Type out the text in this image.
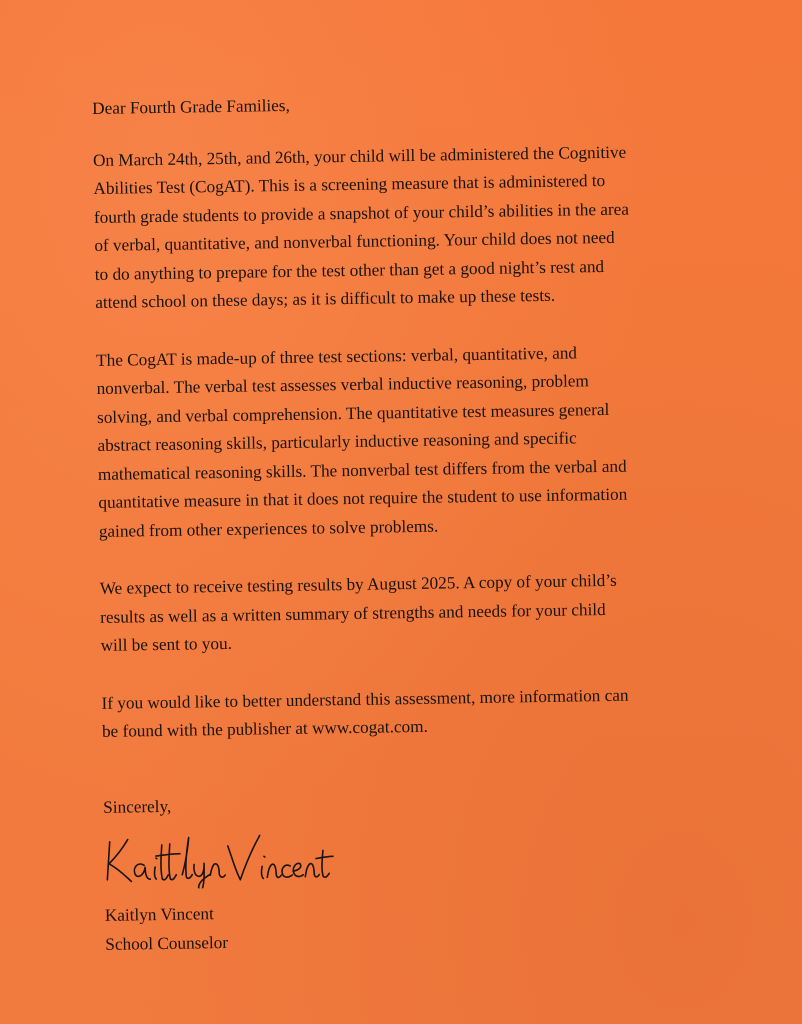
Dear Fourth Grade Families,

On March 24th, 25th, and 26th, your child will be administered the Cognitive
Abilities Test (CogAT). This is a screening measure that is administered to
fourth grade students to provide a snapshot of your child’s abilities in the area
of verbal, quantitative, and nonverbal functioning. Your child does not need
to do anything to prepare for the test other than get a good night’s rest and
attend school on these days; as it is difficult to make up these tests.

The CogAT is made-up of three test sections: verbal, quantitative, and
nonverbal. The verbal test assesses verbal inductive reasoning, problem
solving, and verbal comprehension. The quantitative test measures general
abstract reasoning skills, particularly inductive reasoning and specific
mathematical reasoning skills. The nonverbal test differs from the verbal and
quantitative measure in that it does not require the student to use information
gained from other experiences to solve problems.

We expect to receive testing results by August 2025. A copy of your child’s
results as well as a written summary of strengths and needs for your child
will be sent to you.

If you would like to better understand this assessment, more information can
be found with the publisher at www.cogat.com.

Sincerely,

Kaitlyn Vincent

School Counselor
